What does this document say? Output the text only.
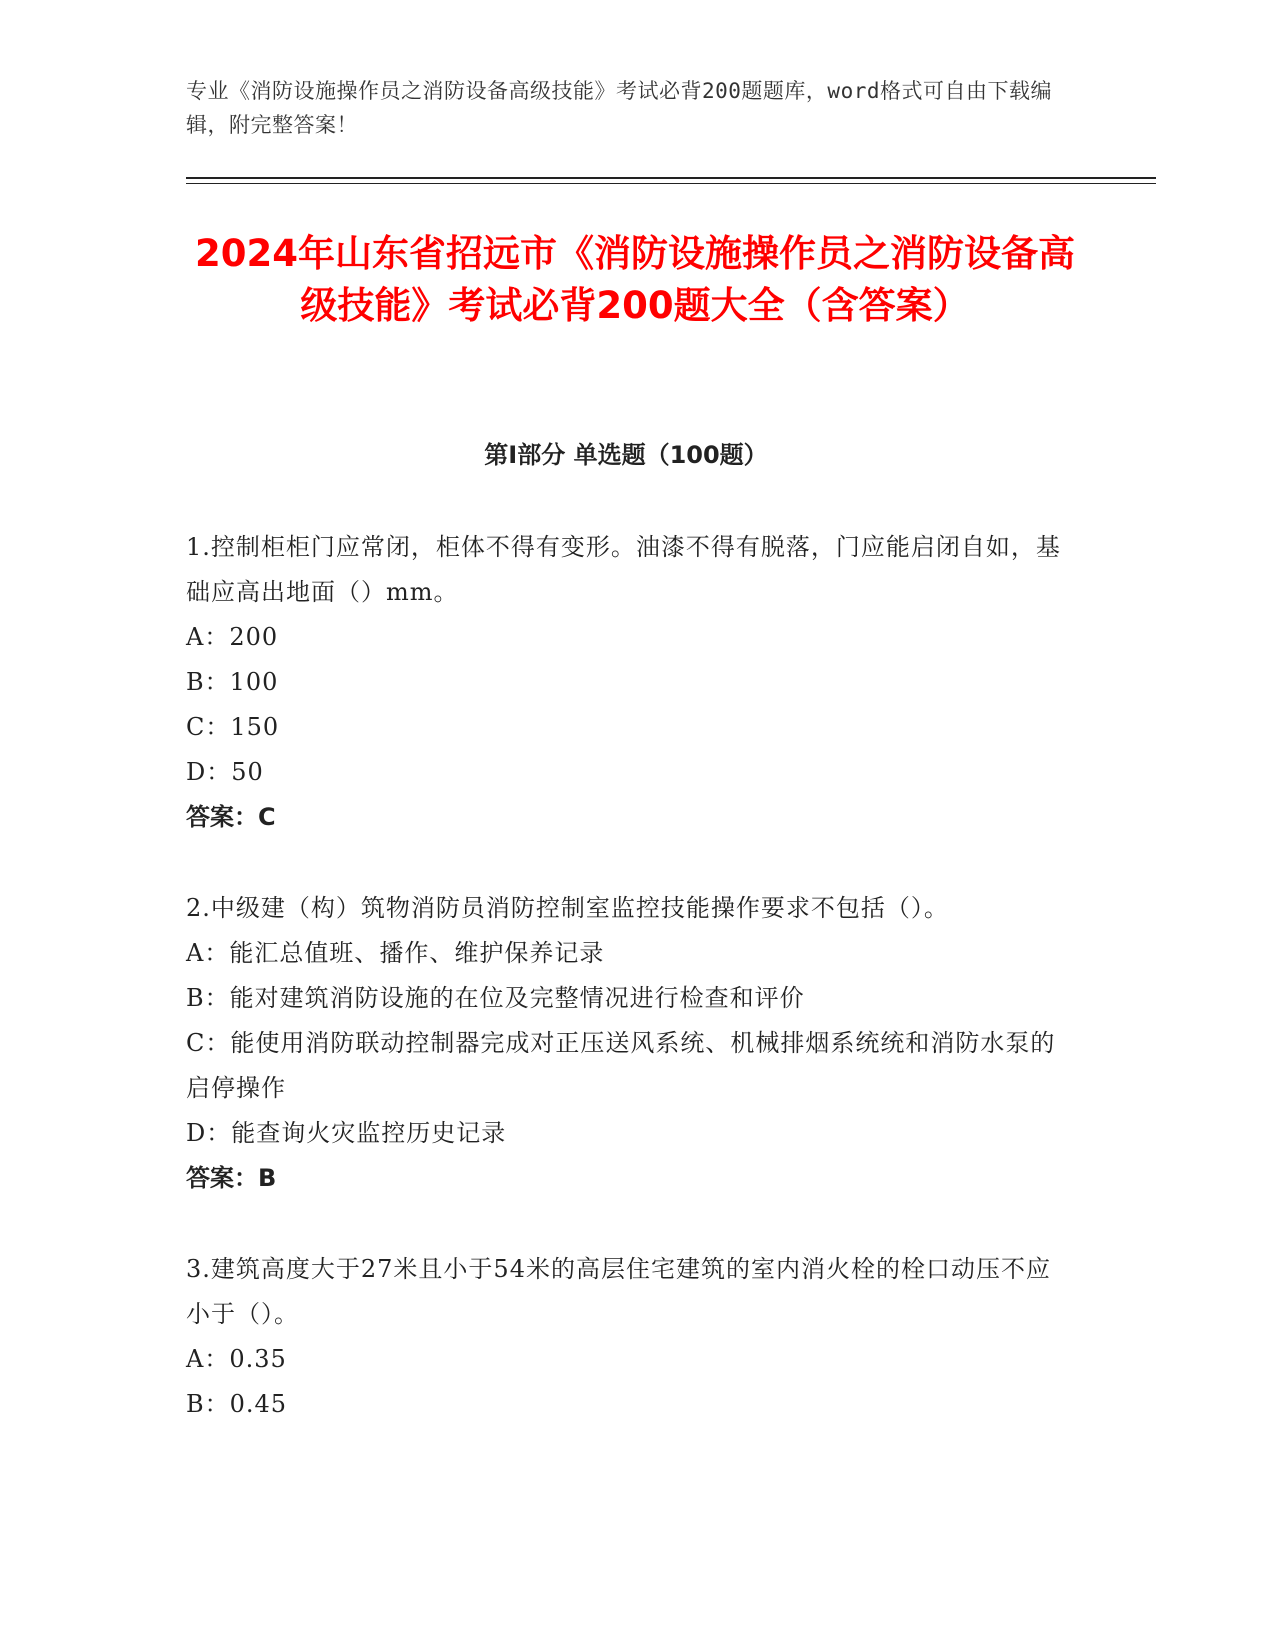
专业《消防设施操作员之消防设备高级技能》考试必背200题题库，word格式可自由下载编辑，附完整答案！
2024年山东省招远市《消防设施操作员之消防设备高级技能》考试必背200题大全（含答案）
第I部分 单选题（100题）
1.控制柜柜门应常闭，柜体不得有变形。油漆不得有脱落，门应能启闭自如，基础应高出地面（）mm。
A：200
B：100
C：150
D：50
答案：C
2.中级建（构）筑物消防员消防控制室监控技能操作要求不包括（）。
A：能汇总值班、播作、维护保养记录
B：能对建筑消防设施的在位及完整情况进行检查和评价
C：能使用消防联动控制器完成对正压送风系统、机械排烟系统统和消防水泵的启停操作
D：能查询火灾监控历史记录
答案：B
3.建筑高度大于27米且小于54米的高层住宅建筑的室内消火栓的栓口动压不应小于（）。
A：0.35
B：0.45
